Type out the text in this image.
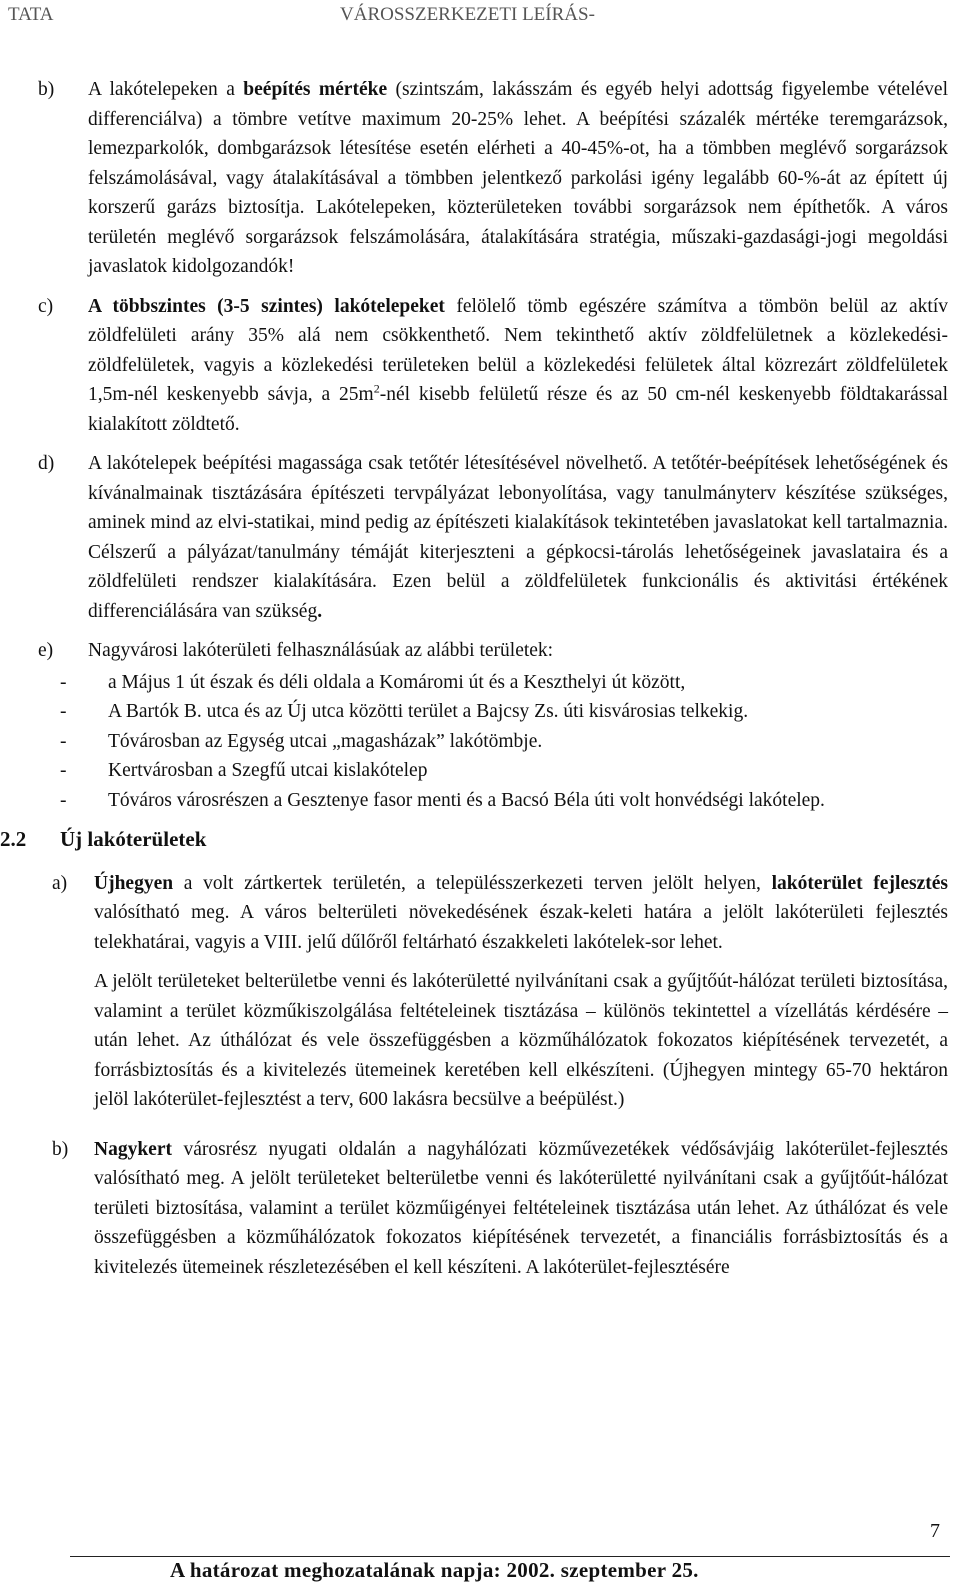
TATA	VÁROSSZERKEZETI LEÍRÁS-
b)	A lakótelepeken a beépítés mértéke (szintszám, lakásszám és egyéb helyi adottság figyelembe vételével differenciálva) a tömbre vetítve maximum 20-25% lehet. A beépítési százalék mértéke teremgarázsok, lemezparkolók, dombgarázsok létesítése esetén elérheti a 40-45%-ot, ha a tömbben meglévő sorgarázsok felszámolásával, vagy átalakításával a tömbben jelentkező parkolási igény legalább 60-%-át az épített új korszerű garázs biztosítja. Lakótelepeken, közterületeken további sorgarázsok nem építhetők. A város területén meglévő sorgarázsok felszámolására, átalakítására stratégia, műszaki-gazdasági-jogi megoldási javaslatok kidolgozandók!
c)	A többszintes (3-5 szintes) lakótelepeket felölelő tömb egészére számítva a tömbön belül az aktív zöldfelületi arány 35% alá nem csökkenthető. Nem tekinthető aktív zöldfelületnek a közlekedési-zöldfelületek, vagyis a közlekedési területeken belül a közlekedési felületek által közrezárt zöldfelületek 1,5m-nél keskenyebb sávja, a $25m^2$-nél kisebb felületű része és az 50 cm-nél keskenyebb földtakarással kialakított zöldtető.
d)	A lakótelepek beépítési magassága csak tetőtér létesítésével növelhető. A tetőtér-beépítések lehetőségének és kívánalmainak tisztázására építészeti tervpályázat lebonyolítása, vagy tanulmányterv készítése szükséges, aminek mind az elvi-statikai, mind pedig az építészeti kialakítások tekintetében javaslatokat kell tartalmaznia. Célszerű a pályázat/tanulmány témáját kiterjeszteni a gépkocsi-tárolás lehetőségeinek javaslataira és a zöldfelületi rendszer kialakítására. Ezen belül a zöldfelületek funkcionális és aktivitási értékének differenciálására van szükség.
e)	Nagyvárosi lakóterületi felhasználásúak az alábbi területek:
-	a Május 1 út észak és déli oldala a Komáromi út és a Keszthelyi út között,
-	A Bartók B. utca és az Új utca közötti terület a Bajcsy Zs. úti kisvárosias telkekig.
-	Tóvárosban az Egység utcai „magasházak” lakótömbje.
-	Kertvárosban a Szegfű utcai kislakótelep
-	Tóváros városrészen a Gesztenye fasor menti és a Bacsó Béla úti volt honvédségi lakótelep.
2.2	Új lakóterületek
a)	Újhegyen a volt zártkertek területén, a településszerkezeti terven jelölt helyen, lakóterület fejlesztés valósítható meg. A város belterületi növekedésének észak-keleti határa a jelölt lakóterületi fejlesztés telekhatárai, vagyis a VIII. jelű dűlőről feltárható északkeleti lakótelek-sor lehet.

A jelölt területeket belterületbe venni és lakóterületté nyilvánítani csak a gyűjtőút-hálózat területi biztosítása, valamint a terület közműkiszolgálása feltételeinek tisztázása – különös tekintettel a vízellátás kérdésére – után lehet. Az úthálózat és vele összefüggésben a közműhálózatok fokozatos kiépítésének tervezetét, a forrásbiztosítás és a kivitelezés ütemeinek keretében kell elkészíteni. (Újhegyen mintegy 65-70 hektáron jelöl lakóterület-fejlesztést a terv, 600 lakásra becsülve a beépülést.)

b)	Nagykert városrész nyugati oldalán a nagyhálózati közművezetékek védősávjáig lakóterület-fejlesztés valósítható meg. A jelölt területeket belterületbe venni és lakóterületté nyilvánítani csak a gyűjtőút-hálózat területi biztosítása, valamint a terület közműigényei feltételeinek tisztázása után lehet. Az úthálózat és vele összefüggésben a közműhálózatok fokozatos kiépítésének tervezetét, a financiális forrásbiztosítás és a kivitelezés ütemeinek részletezésében el kell készíteni. A lakóterület-fejlesztésére
7
A határozat meghozatalának napja: 2002. szeptember 25.
